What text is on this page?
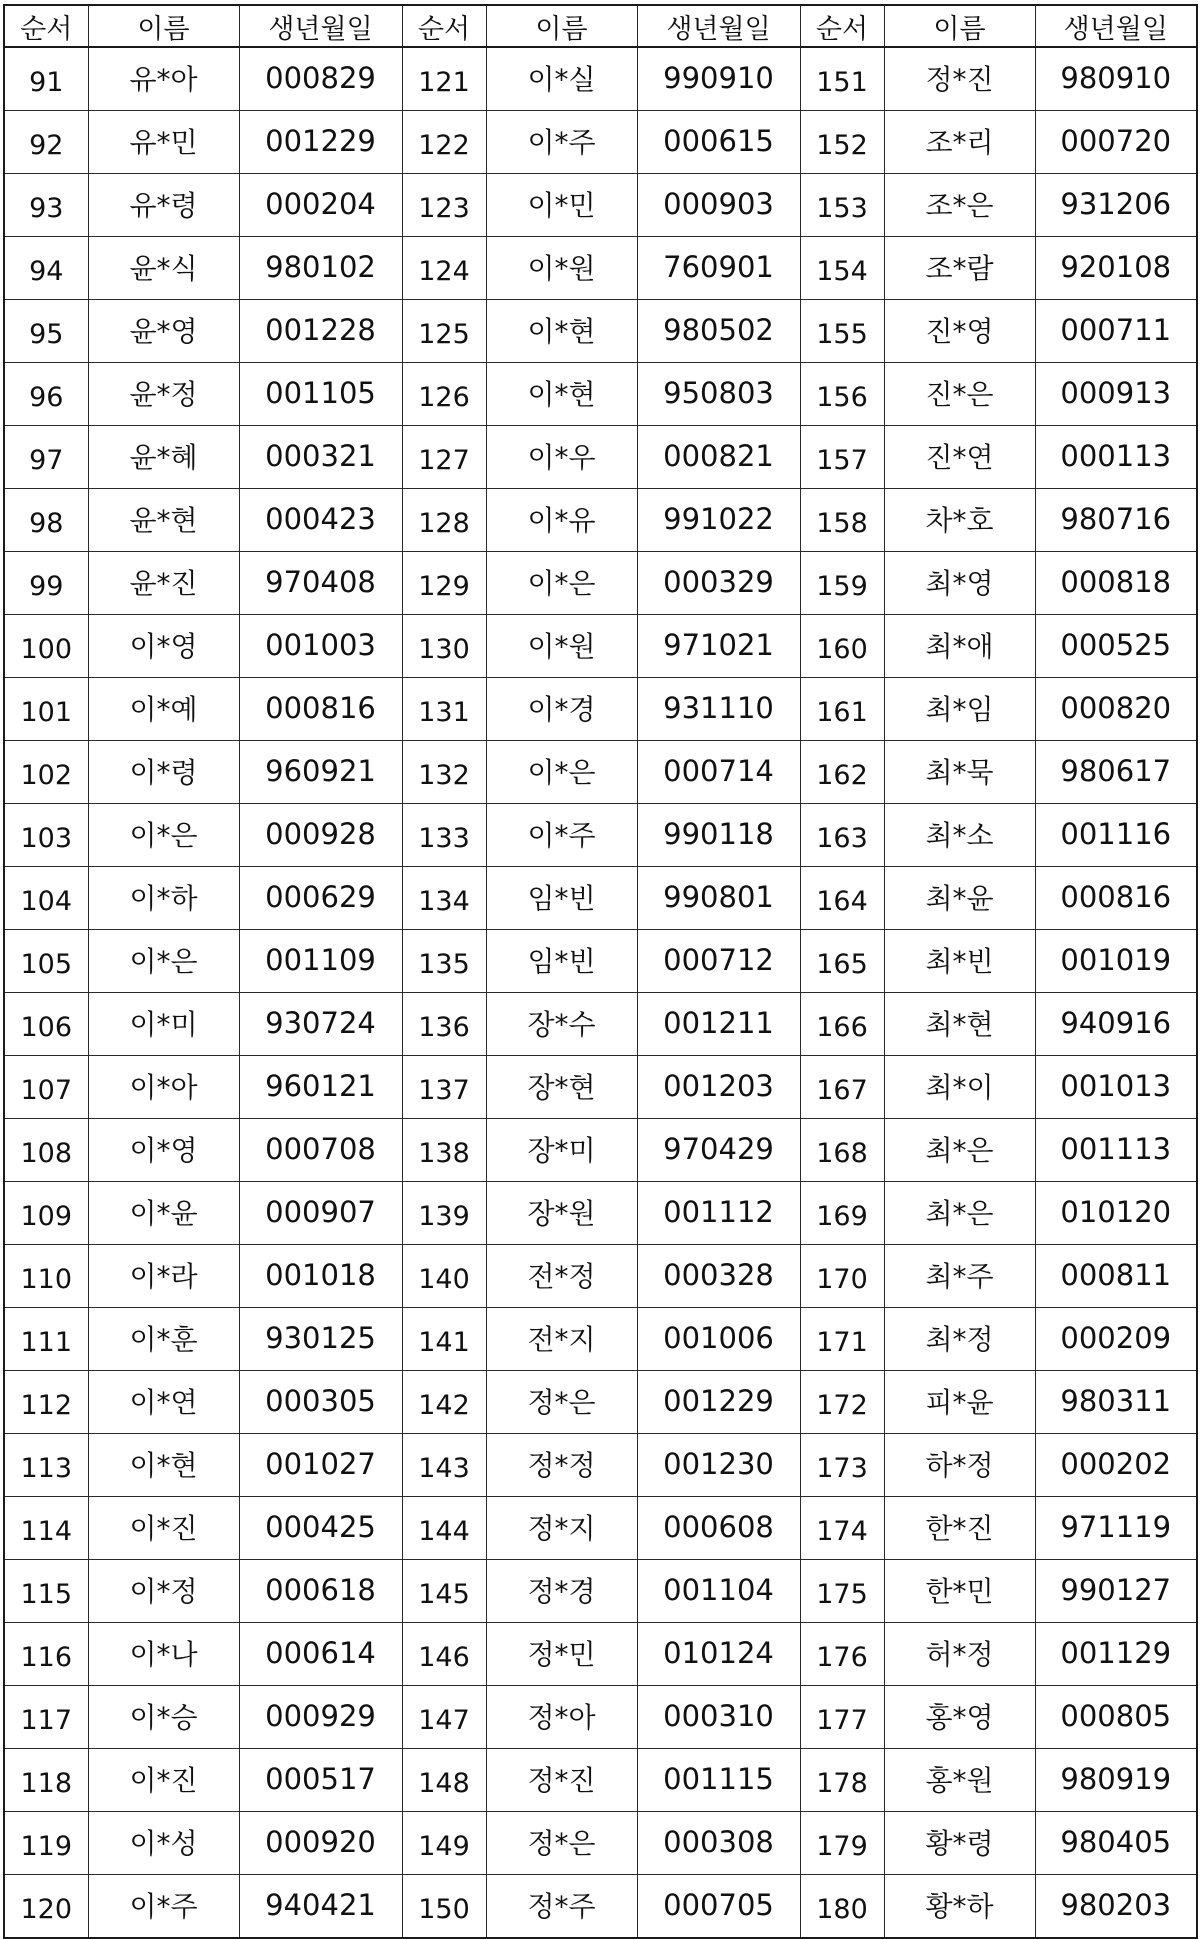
순서	이름	생년월일	순서	이름	생년월일	순서	이름	생년월일
91	유*아	000829	121	이*실	990910	151	정*진	980910
92	유*민	001229	122	이*주	000615	152	조*리	000720
93	유*령	000204	123	이*민	000903	153	조*은	931206
94	윤*식	980102	124	이*원	760901	154	조*람	920108
95	윤*영	001228	125	이*현	980502	155	진*영	000711
96	윤*정	001105	126	이*현	950803	156	진*은	000913
97	윤*혜	000321	127	이*우	000821	157	진*연	000113
98	윤*현	000423	128	이*유	991022	158	차*호	980716
99	윤*진	970408	129	이*은	000329	159	최*영	000818
100	이*영	001003	130	이*원	971021	160	최*애	000525
101	이*예	000816	131	이*경	931110	161	최*임	000820
102	이*령	960921	132	이*은	000714	162	최*묵	980617
103	이*은	000928	133	이*주	990118	163	최*소	001116
104	이*하	000629	134	임*빈	990801	164	최*윤	000816
105	이*은	001109	135	임*빈	000712	165	최*빈	001019
106	이*미	930724	136	장*수	001211	166	최*현	940916
107	이*아	960121	137	장*현	001203	167	최*이	001013
108	이*영	000708	138	장*미	970429	168	최*은	001113
109	이*윤	000907	139	장*원	001112	169	최*은	010120
110	이*라	001018	140	전*정	000328	170	최*주	000811
111	이*훈	930125	141	전*지	001006	171	최*정	000209
112	이*연	000305	142	정*은	001229	172	피*윤	980311
113	이*현	001027	143	정*정	001230	173	하*정	000202
114	이*진	000425	144	정*지	000608	174	한*진	971119
115	이*정	000618	145	정*경	001104	175	한*민	990127
116	이*나	000614	146	정*민	010124	176	허*정	001129
117	이*승	000929	147	정*아	000310	177	홍*영	000805
118	이*진	000517	148	정*진	001115	178	홍*원	980919
119	이*성	000920	149	정*은	000308	179	황*령	980405
120	이*주	940421	150	정*주	000705	180	황*하	980203
